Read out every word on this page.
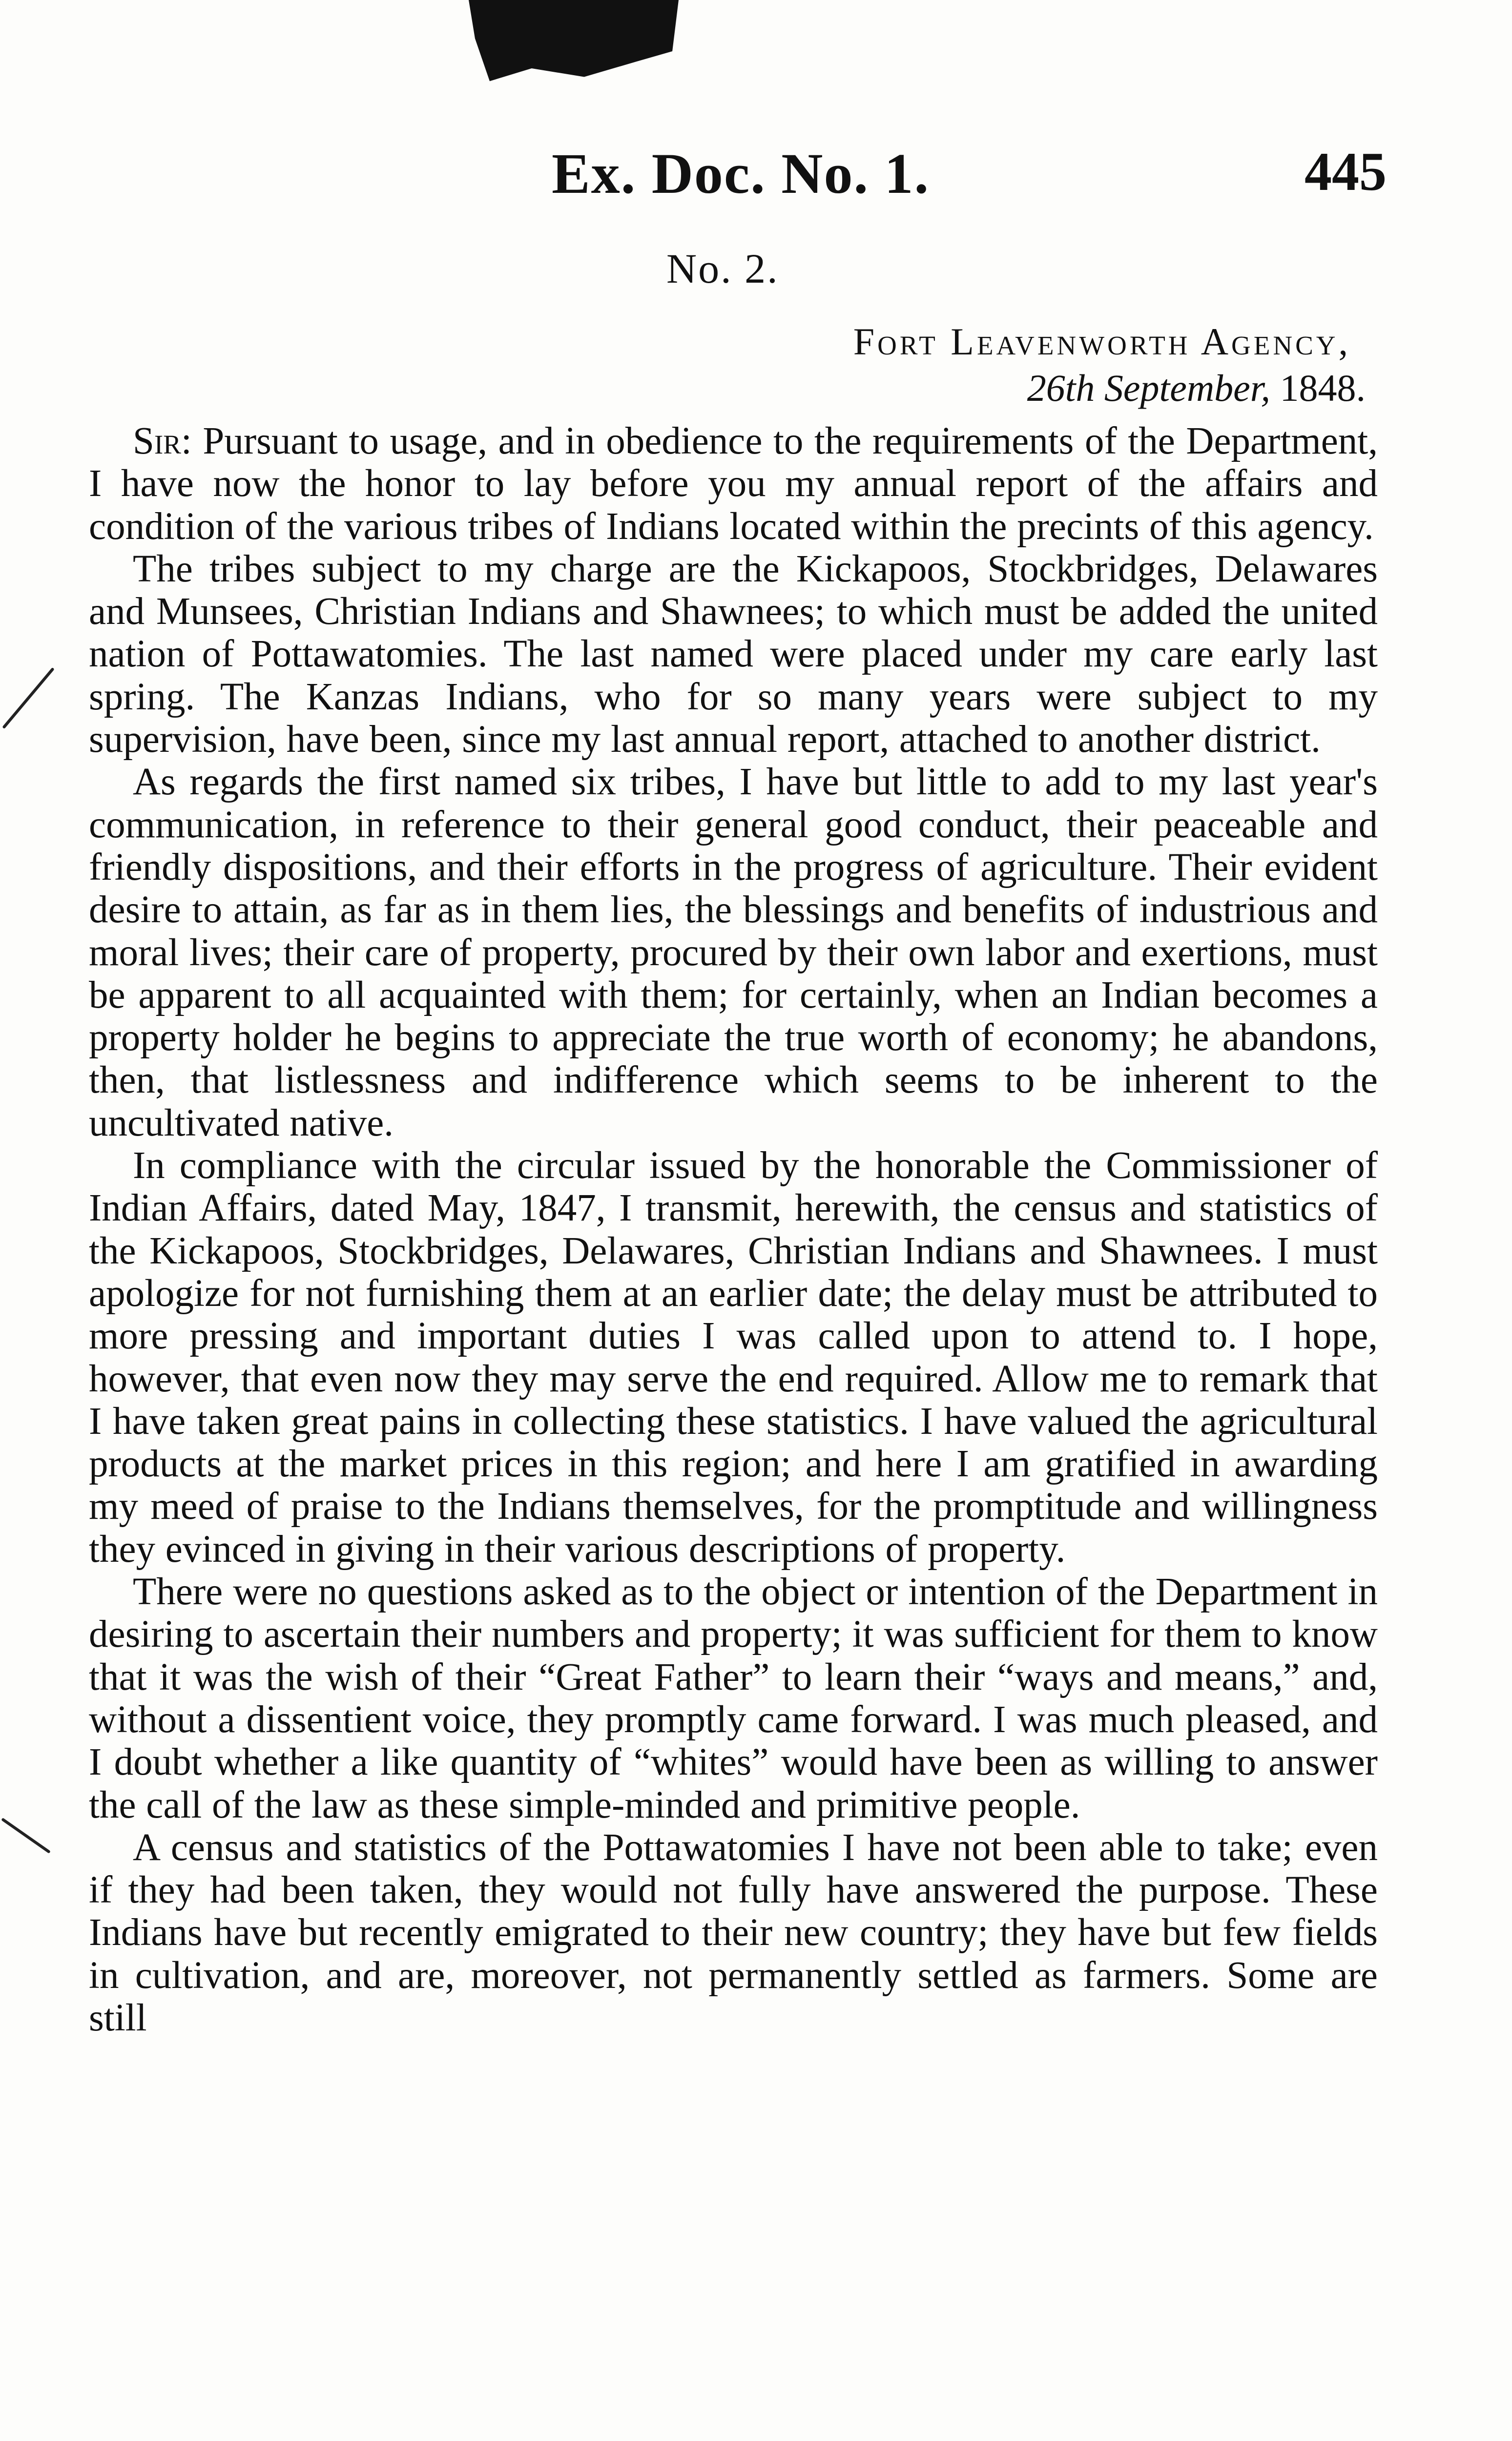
Ex. Doc. No. 1.	445
No. 2.
Fort Leavenworth Agency,
26th September, 1848.

Sir: Pursuant to usage, and in obedience to the requirements of the Department, I have now the honor to lay before you my annual report of the affairs and condition of the various tribes of Indians located within the precints of this agency.

The tribes subject to my charge are the Kickapoos, Stockbridges, Delawares and Munsees, Christian Indians and Shawnees; to which must be added the united nation of Pottawatomies. The last named were placed under my care early last spring. The Kanzas Indians, who for so many years were subject to my supervision, have been, since my last annual report, attached to another district.

As regards the first named six tribes, I have but little to add to my last year's communication, in reference to their general good conduct, their peaceable and friendly dispositions, and their efforts in the progress of agriculture. Their evident desire to attain, as far as in them lies, the blessings and benefits of industrious and moral lives; their care of property, procured by their own labor and exertions, must be apparent to all acquainted with them; for certainly, when an Indian becomes a property holder he begins to appreciate the true worth of economy; he abandons, then, that listlessness and indifference which seems to be inherent to the uncultivated native.

In compliance with the circular issued by the honorable the Commissioner of Indian Affairs, dated May, 1847, I transmit, herewith, the census and statistics of the Kickapoos, Stockbridges, Delawares, Christian Indians and Shawnees. I must apologize for not furnishing them at an earlier date; the delay must be attributed to more pressing and important duties I was called upon to attend to. I hope, however, that even now they may serve the end required. Allow me to remark that I have taken great pains in collecting these statistics. I have valued the agricultural products at the market prices in this region; and here I am gratified in awarding my meed of praise to the Indians themselves, for the promptitude and willingness they evinced in giving in their various descriptions of property.

There were no questions asked as to the object or intention of the Department in desiring to ascertain their numbers and property; it was sufficient for them to know that it was the wish of their “Great Father” to learn their “ways and means,” and, without a dissentient voice, they promptly came forward. I was much pleased, and I doubt whether a like quantity of “whites” would have been as willing to answer the call of the law as these simple-minded and primitive people.

A census and statistics of the Pottawatomies I have not been able to take; even if they had been taken, they would not fully have answered the purpose. These Indians have but recently emigrated to their new country; they have but few fields in cultivation, and are, moreover, not permanently settled as farmers. Some are still
